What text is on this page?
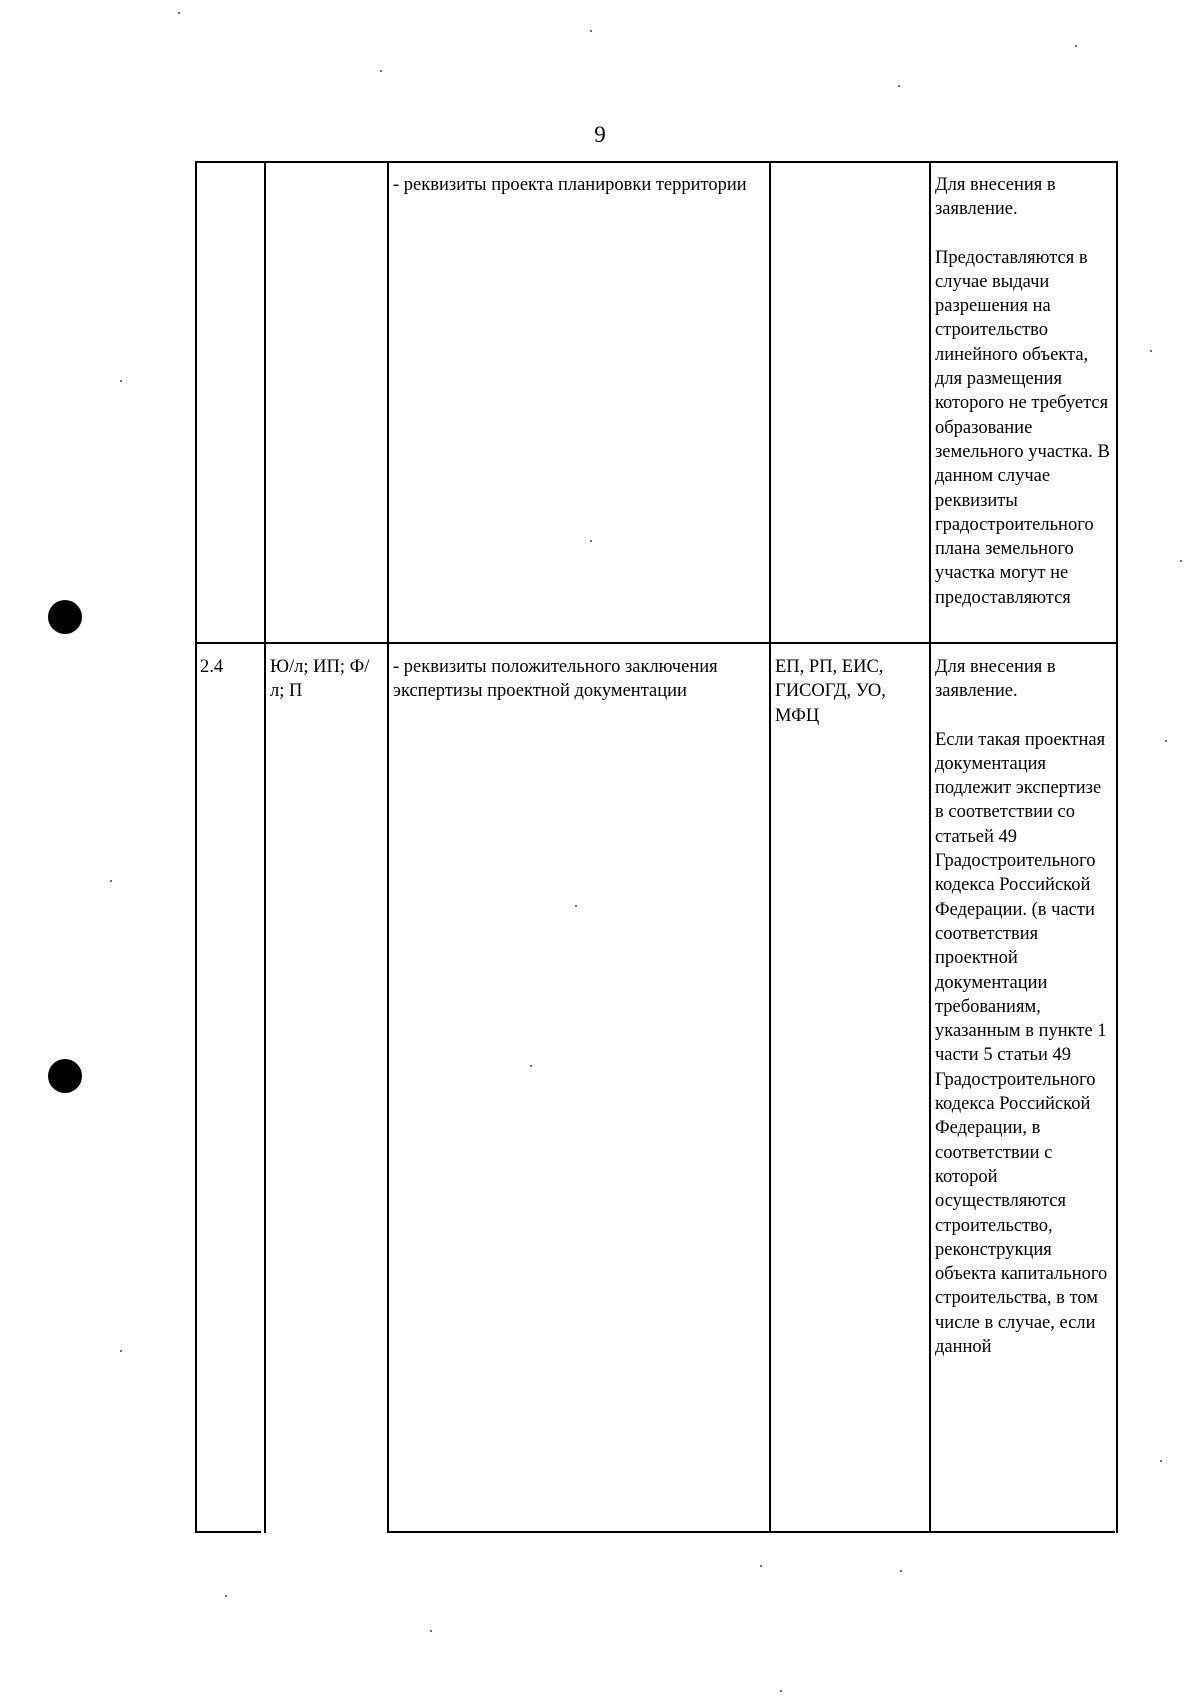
9
- реквизиты проекта планировки территории	Для внесения в заявление.

Предоставляются в случае выдачи разрешения на строительство линейного объекта, для размещения которого не требуется образование земельного участка. В данном случае реквизиты градостроительного плана земельного участка могут не предоставляются

2.4	Ю/л; ИП; Ф/л; П
- реквизиты положительного заключения экспертизы проектной документации
ЕП, РП, ЕИС, ГИСОГД, УО, МФЦ

Для внесения в заявление.

Если такая проектная документация подлежит экспертизе в соответствии со статьей 49 Градостроительного кодекса Российской Федерации. (в части соответствия проектной документации требованиям, указанным в пункте 1 части 5 статьи 49 Градостроительного кодекса Российской Федерации, в соответствии с которой осуществляются строительство, реконструкция объекта капитального строительства, в том числе в случае, если данной
